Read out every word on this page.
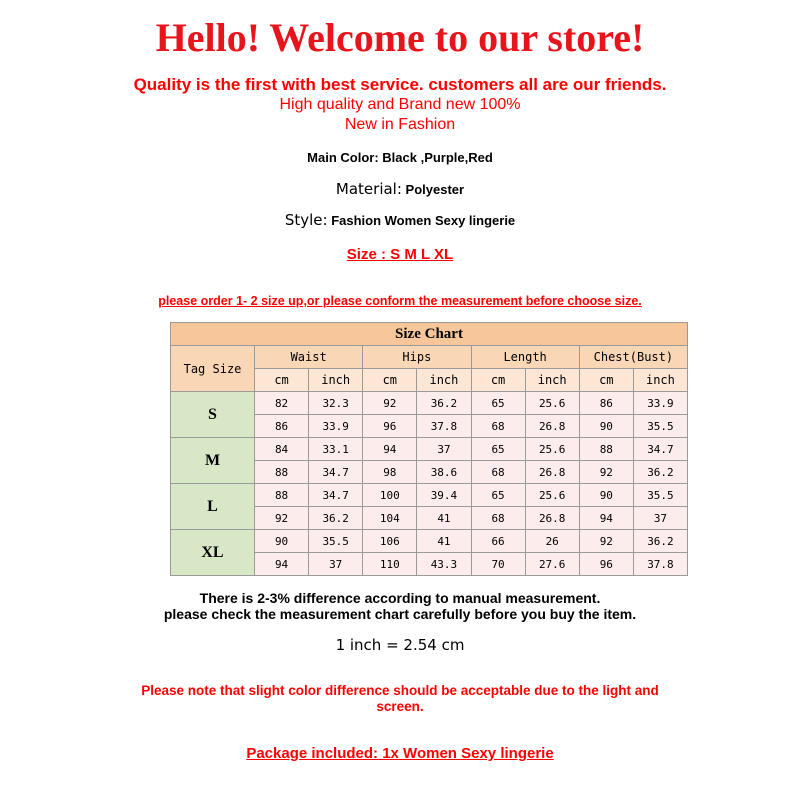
Hello! Welcome to our store!
Quality is the first with best service. customers all are our friends.
High quality and Brand new 100%
New in Fashion
Main Color: Black ,Purple,Red
Material: Polyester
Style: Fashion Women Sexy lingerie
Size : S M L XL
please order 1- 2 size up,or please conform the measurement before choose size.
Size Chart								
Tag Size	Waist		Hips		Length		Chest(Bust)	
	cm	inch	cm	inch	cm	inch	cm	inch
S	82	32.3	92	36.2	65	25.6	86	33.9
	86	33.9	96	37.8	68	26.8	90	35.5
M	84	33.1	94	37	65	25.6	88	34.7
	88	34.7	98	38.6	68	26.8	92	36.2
L	88	34.7	100	39.4	65	25.6	90	35.5
	92	36.2	104	41	68	26.8	94	37
XL	90	35.5	106	41	66	26	92	36.2
	94	37	110	43.3	70	27.6	96	37.8
There is 2-3% difference according to manual measurement.
please check the measurement chart carefully before you buy the item.
1 inch = 2.54 cm
Please note that slight color difference should be acceptable due to the light and
screen.
Package included: 1x Women Sexy lingerie
